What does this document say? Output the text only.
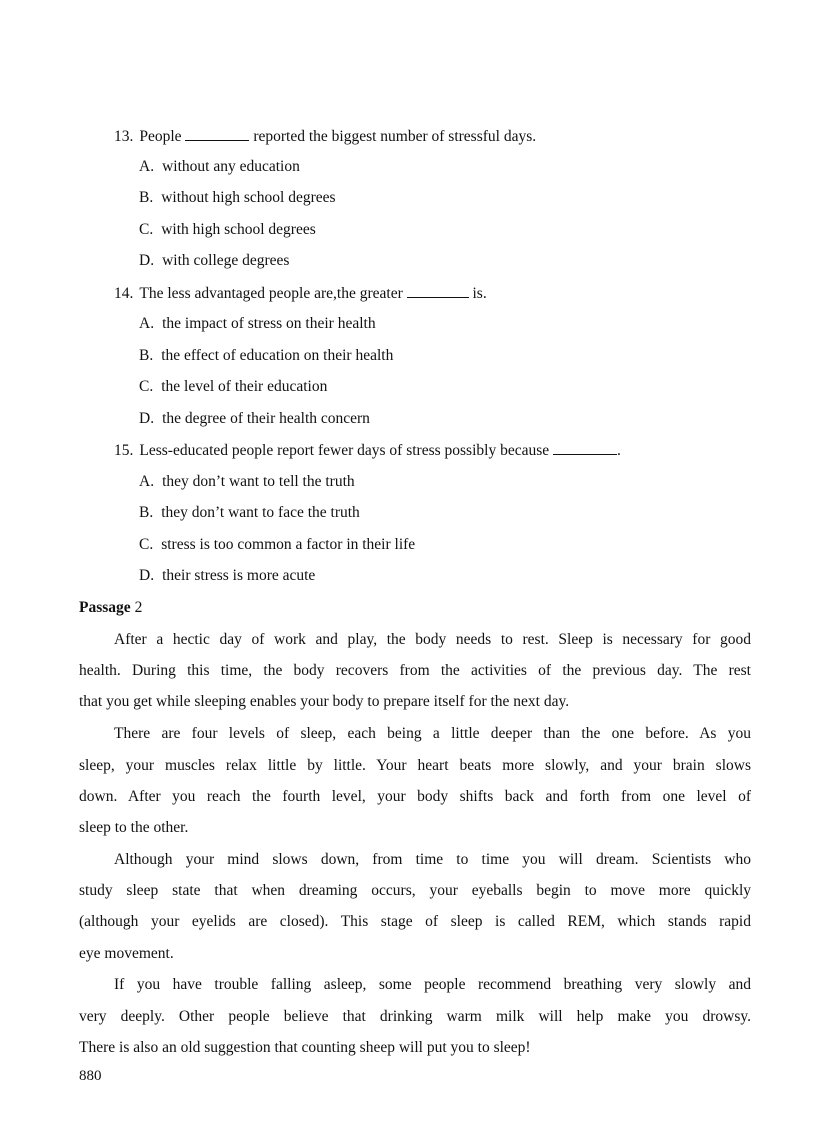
13. People	reported the biggest number of stressful days.
A. without any education
B. without high school degrees
C. with high school degrees
D. with college degrees
14. The less advantaged people are,the greater	is.
A. the impact of stress on their health
B. the effect of education on their health
C. the level of their education
D. the degree of their health concern
15. Less-educated people report fewer days of stress possibly because	.
A. they don’t want to tell the truth
B. they don’t want to face the truth
C. stress is too common a factor in their life
D. their stress is more acute
Passage 2
After a hectic day of work and play, the body needs to rest. Sleep is necessary for good
health. During this time, the body recovers from the activities of the previous day. The rest
that you get while sleeping enables your body to prepare itself for the next day.
There are four levels of sleep, each being a little deeper than the one before. As you
sleep, your muscles relax little by little. Your heart beats more slowly, and your brain slows
down. After you reach the fourth level, your body shifts back and forth from one level of
sleep to the other.
Although your mind slows down, from time to time you will dream. Scientists who
study sleep state that when dreaming occurs, your eyeballs begin to move more quickly
(although your eyelids are closed). This stage of sleep is called REM, which stands rapid
eye movement.
If you have trouble falling asleep, some people recommend breathing very slowly and
very deeply. Other people believe that drinking warm milk will help make you drowsy.
There is also an old suggestion that counting sheep will put you to sleep!
880
